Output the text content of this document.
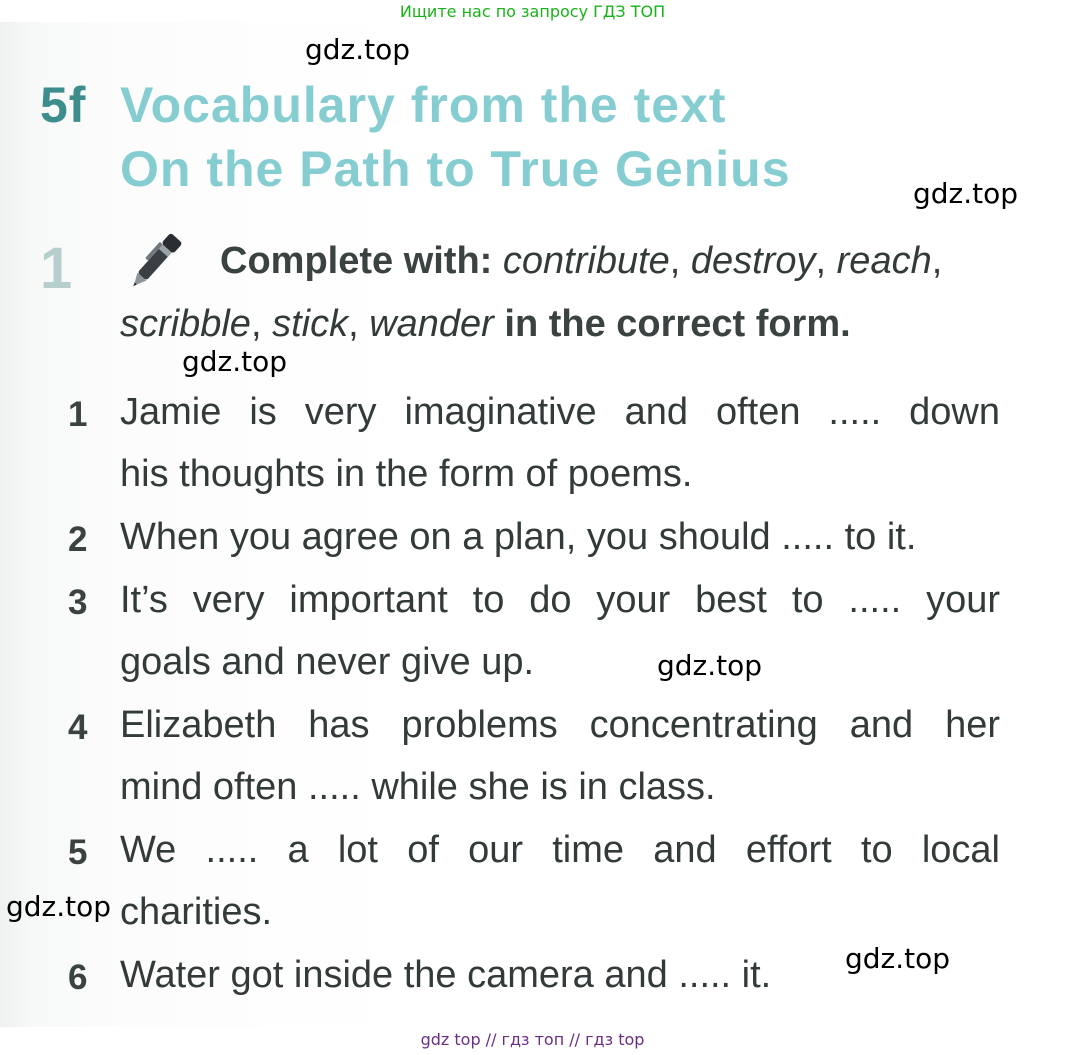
Ищите нас по запросу ГДЗ ТОП
5f Vocabulary from the text
On the Path to True Genius
1	Complete with: contribute, destroy, reach,
scribble, stick, wander in the correct form.
1 Jamie is very imaginative and often ..... down
his thoughts in the form of poems.
2 When you agree on a plan, you should ..... to it.
3 It’s very important to do your best to ..... your
goals and never give up.
4 Elizabeth has problems concentrating and her
mind often ..... while she is in class.
5 We ..... a lot of our time and effort to local
charities.
6 Water got inside the camera and ..... it.
gdz.top
gdz.top
gdz.top
gdz.top
gdz.top
gdz.top
gdz top // гдз топ // гдз top
